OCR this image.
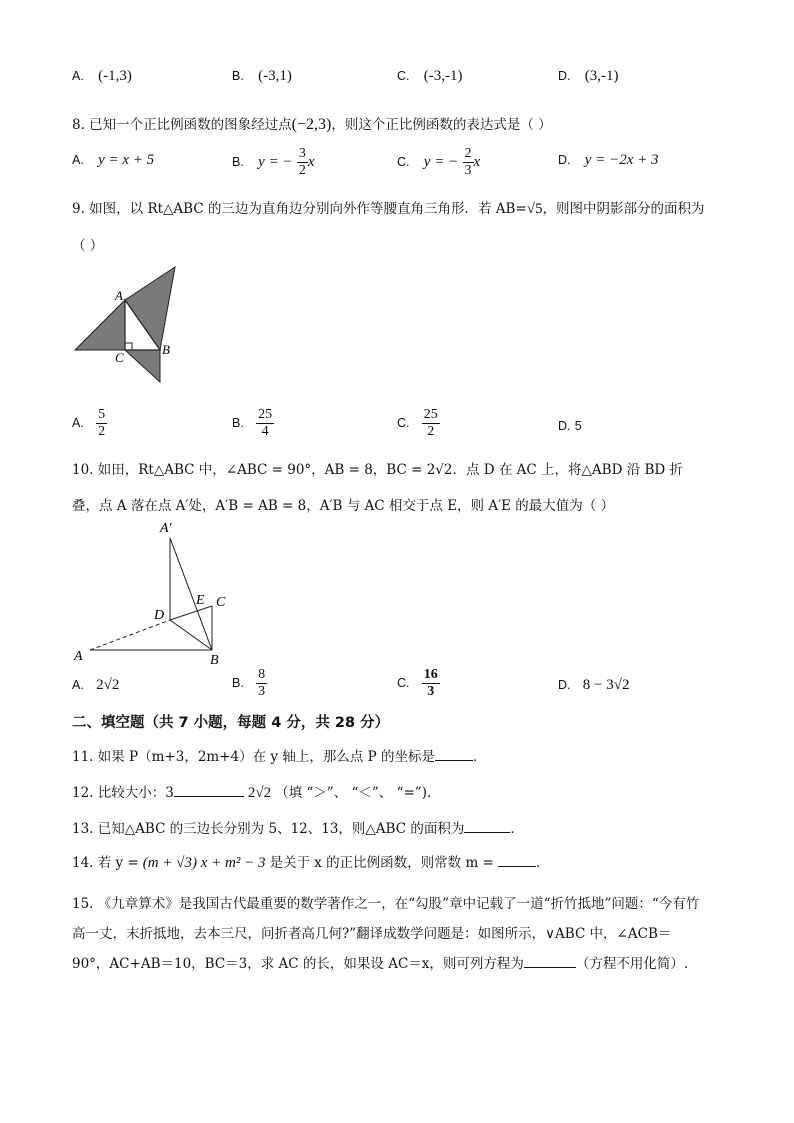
A. (-1,3)	B. (-3,1)	C. (-3,-1)	D. (3,-1)
8. 已知一个正比例函数的图象经过点(−2,3)，则这个正比例函数的表达式是（ ）
A. y = x + 5	B. y = − $\frac{3}{2}$ x	C. y = − $\frac{2}{3}$ x	D. y = −2x + 3
9. 如图，以 Rt△ABC 的三边为直角边分别向外作等腰直角三角形．若 AB=√5，则图中阴影部分的面积为
（ ）
A
B
C
A. $\frac{5}{2}$	B. $\frac{25}{4}$	C. $\frac{25}{2}$	D. 5
10. 如田，Rt△ABC 中，∠ABC = 90°，AB = 8，BC = 2√2．点 D 在 AC 上，将△ABD 沿 BD 折
叠，点 A 落在点 A′处，A′B = AB = 8，A′B 与 AC 相交于点 E，则 A′E 的最大值为（ ）
A′
A	B
C
D
E
A. 2√2	B. $\frac{8}{3}$	C. $\frac{16}{3}$	D. 8 − 3√2
二、填空题（共 7 小题，每题 4 分，共 28 分）
11. 如果 P（m+3，2m+4）在 y 轴上，那么点 P 的坐标是	．
12. 比较大小：3	2√2 （填 “＞”、 “＜”、 “=”).
13. 已知△ABC 的三边长分别为 5、12、13，则△ABC 的面积为	．
14. 若 y = (m + √3) x + m² − 3 是关于 x 的正比例函数，则常数 m =	．
15. 《九章算术》是我国古代最重要的数学著作之一，在“勾股”章中记载了一道“折竹抵地”问题：“今有竹
高一丈，末折抵地，去本三尺，问折者高几何?”翻译成数学问题是：如图所示，∨ABC 中，∠ACB＝
90°，AC+AB＝10，BC＝3，求 AC 的长，如果设 AC＝x，则可列方程为	（方程不用化简）.
